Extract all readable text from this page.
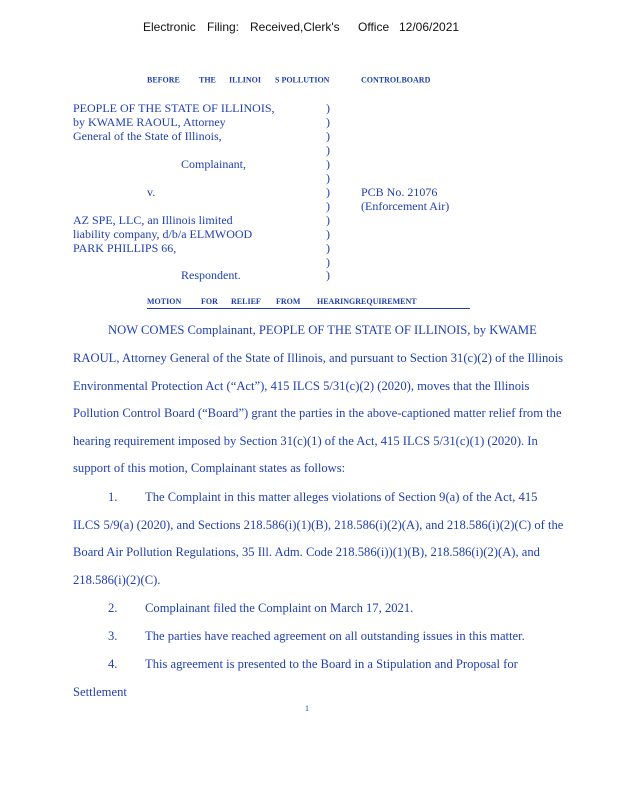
Electronic Filing: Received,Clerk's Office 12/06/2021
BEFORE THE ILLINOI S POLLUTION	CONTROLBOARD
PEOPLE OF THE STATE OF ILLINOIS,
by KWAME RAOUL, Attorney
General of the State of Illinois,
Complainant,
v.
AZ SPE, LLC, an Illinois limited
liability company, d/b/a ELMWOOD
PARK PHILLIPS 66,
Respondent.
PCB No. 21076
(Enforcement Air)
)
)
)
)
)
)
)
)
)
)
)
)
)
MOTION FOR RELIEF FROM HEARINGREQUIREMENT
NOW COMES Complainant, PEOPLE OF THE STATE OF ILLINOIS, by KWAME
RAOUL, Attorney General of the State of Illinois, and pursuant to Section 31(c)(2) of the Illinois
Environmental Protection Act (“Act”), 415 ILCS 5/31(c)(2) (2020), moves that the Illinois
Pollution Control Board (“Board”) grant the parties in the above-captioned matter relief from the
hearing requirement imposed by Section 31(c)(1) of the Act, 415 ILCS 5/31(c)(1) (2020). In
support of this motion, Complainant states as follows:
1. The Complaint in this matter alleges violations of Section 9(a) of the Act, 415
ILCS 5/9(a) (2020), and Sections 218.586(i)(1)(B), 218.586(i)(2)(A), and 218.586(i)(2)(C) of the
Board Air Pollution Regulations, 35 Ill. Adm. Code 218.586(i))(1)(B), 218.586(i)(2)(A), and
218.586(i)(2)(C).
2. Complainant filed the Complaint on March 17, 2021.
3. The parties have reached agreement on all outstanding issues in this matter.
4. This agreement is presented to the Board in a Stipulation and Proposal for
Settlement
1
